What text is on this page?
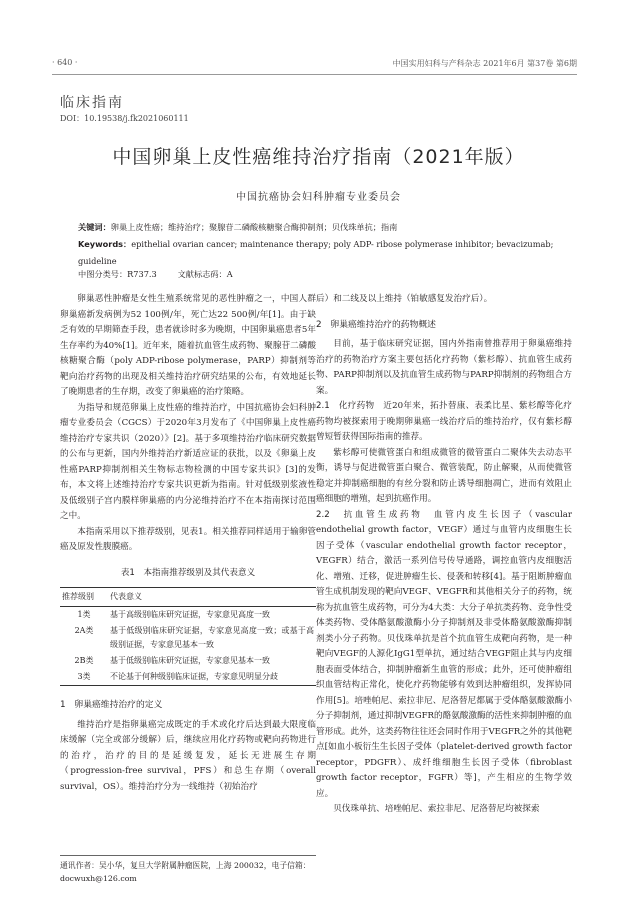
· 640 ·	中国实用妇科与产科杂志 2021年6月 第37卷 第6期
临床指南
DOI：10.19538/j.fk2021060111
中国卵巢上皮性癌维持治疗指南（2021年版）
中国抗癌协会妇科肿瘤专业委员会
关键词：卵巢上皮性癌；维持治疗；聚腺苷二磷酸核糖聚合酶抑制剂；贝伐珠单抗；指南
Keywords：epithelial ovarian cancer; maintenance therapy; poly ADP- ribose polymerase inhibitor; bevacizumab; guideline
中图分类号：R737.3	文献标志码：A

卵巢恶性肿瘤是女性生殖系统常见的恶性肿瘤之一，中国人群卵巢癌新发病例为52 100例/年，死亡达22 500例/年[1]。由于缺乏有效的早期筛查手段，患者就诊时多为晚期，中国卵巢癌患者5年生存率约为40%[1]。近年来，随着抗血管生成药物、聚腺苷二磷酸核糖聚合酶（poly ADP-ribose polymerase，PARP）抑制剂等靶向治疗药物的出现及相关维持治疗研究结果的公布，有效地延长了晚期患者的生存期，改变了卵巢癌的治疗策略。

为指导和规范卵巢上皮性癌的维持治疗，中国抗癌协会妇科肿瘤专业委员会（CGCS）于2020年3月发布了《中国卵巢上皮性癌维持治疗专家共识（2020）》[2]。基于多项维持治疗临床研究数据的公布与更新，国内外维持治疗新适应证的获批，以及《卵巢上皮性癌PARP抑制剂相关生物标志物检测的中国专家共识》[3]的发布，本文将上述维持治疗专家共识更新为指南。针对低级别浆液性及低级别子宫内膜样卵巢癌的内分泌维持治疗不在本指南探讨范围之中。

本指南采用以下推荐级别，见表1。相关推荐同样适用于输卵管癌及原发性腹膜癌。

表1　本指南推荐级别及其代表意义
推荐级别	代表意义
1类	基于高级别临床研究证据，专家意见高度一致
2A类	基于低级别临床研究证据，专家意见高度一致；或基于高级别证据，专家意见基本一致
2B类	基于低级别临床研究证据，专家意见基本一致
3类	不论基于何种级别临床证据，专家意见明显分歧
1　卵巢癌维持治疗的定义

维持治疗是指卵巢癌完成既定的手术或化疗后达到最大限度临床缓解（完全或部分缓解）后，继续应用化疗药物或靶向药物进行的治疗，治疗的目的是延缓复发，延长无进展生存期（progression-free survival，PFS）和总生存期（overall survival，OS）。维持治疗分为一线维持（初始治疗

通讯作者：吴小华，复旦大学附属肿瘤医院，上海 200032，电子信箱：docwuxh@126.com

后）和二线及以上维持（铂敏感复发治疗后）。

2　卵巢癌维持治疗的药物概述

目前，基于临床研究证据，国内外指南曾推荐用于卵巢癌维持治疗的药物治疗方案主要包括化疗药物（紫杉醇）、抗血管生成药物、PARP抑制剂以及抗血管生成药物与PARP抑制剂的药物组合方案。

2.1　化疗药物　 近20年来，拓扑替康、表柔比星、紫杉醇等化疗药物均被探索用于晚期卵巢癌一线治疗后的维持治疗，仅有紫杉醇曾短暂获得国际指南的推荐。

紫杉醇可使微管蛋白和组成微管的微管蛋白二聚体失去动态平衡，诱导与促进微管蛋白聚合、微管装配，防止解聚，从而使微管稳定并抑制癌细胞的有丝分裂和防止诱导细胞凋亡，进而有效阻止癌细胞的增殖，起到抗癌作用。

2.2　抗血管生成药物　 血管内皮生长因子（vascular endothelial growth factor，VEGF）通过与血管内皮细胞生长因子受体（vascular endothelial growth factor receptor，VEGFR）结合，激活一系列信号传导通路，调控血管内皮细胞活化、增殖、迁移，促进肿瘤生长、侵袭和转移[4]。基于阻断肿瘤血管生成机制发现的靶向VEGF、VEGFR和其他相关分子的药物，统称为抗血管生成药物，可分为4大类：大分子单抗类药物、竞争性受体类药物、受体酪氨酸激酶小分子抑制剂及非受体酪氨酸激酶抑制剂类小分子药物。贝伐珠单抗是首个抗血管生成靶向药物，是一种靶向VEGF的人源化IgG1型单抗，通过结合VEGF阻止其与内皮细胞表面受体结合，抑制肿瘤新生血管的形成；此外，还可使肿瘤组织血管结构正常化，使化疗药物能够有效到达肿瘤组织，发挥协同作用[5]。培唑帕尼、索拉非尼、尼洛替尼都属于受体酪氨酸激酶小分子抑制剂，通过抑制VEGFR的酪氨酸激酶的活性来抑制肿瘤的血管形成。此外，这类药物往往还会同时作用于VEGFR之外的其他靶点[如血小板衍生生长因子受体（platelet-derived growth factor receptor，PDGFR）、成纤维细胞生长因子受体（fibroblast growth factor receptor，FGFR）等]，产生相应的生物学效应。

贝伐珠单抗、培唑帕尼、索拉非尼、尼洛替尼均被探索
